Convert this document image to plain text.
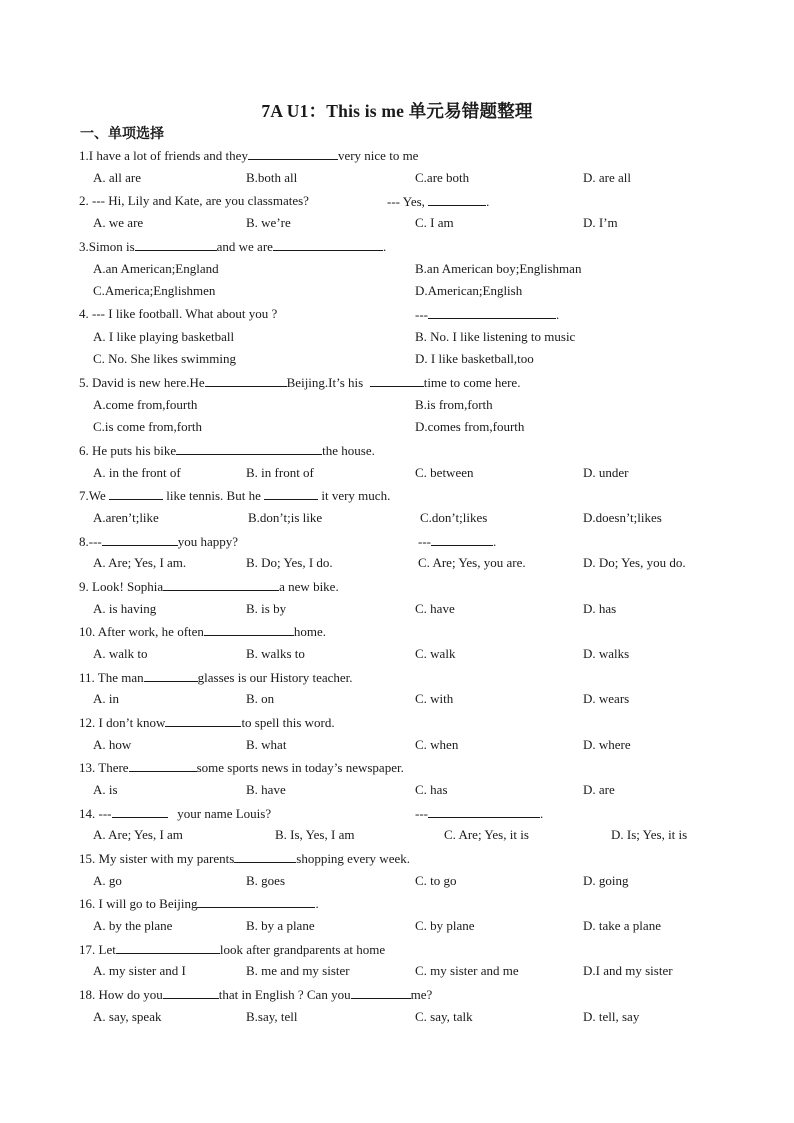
7A U1：This is me 单元易错题整理
一、单项选择
1.I have a lot of friends and they	very nice to me
A. all are	B.both all	C.are both	D. are all
2. --- Hi, Lily and Kate, are you classmates?	--- Yes,	.
A. we are	B. we’re	C. I am	D. I’m
3.Simon is	and we are	.
A.an American;England	B.an American boy;Englishman
C.America;Englishmen	D.American;English
4. --- I like football. What about you ?	---	.
A. I like playing basketball	B. No. I like listening to music
C. No. She likes swimming	D. I like basketball,too
5. David is new here.He	Beijing.It’s his	time to come here.
A.come from,fourth	B.is from,forth
C.is come from,forth	D.comes from,fourth
6. He puts his bike	the house.
A. in the front of	B. in front of	C. between	D. under
7.We	like tennis. But he	it very much.
A.aren’t;like	B.don’t;is like	C.don’t;likes	D.doesn’t;likes
8.---	you happy?	---	.
A. Are; Yes, I am.	B. Do; Yes, I do.	C. Are; Yes, you are.	D. Do; Yes, you do.
9. Look! Sophia	a new bike.
A. is having	B. is by	C. have	D. has
10. After work, he often	home.
A. walk to	B. walks to	C. walk	D. walks
11. The man	glasses is our History teacher.
A. in	B. on	C. with	D. wears
12. I don’t know	to spell this word.
A. how	B. what	C. when	D. where
13. There	some sports news in today’s newspaper.
A. is	B. have	C. has	D. are
14. ---	your name Louis?	---	.
A. Are; Yes, I am	B. Is, Yes, I am	C. Are; Yes, it is	D. Is; Yes, it is
15. My sister with my parents	shopping every week.
A. go	B. goes	C. to go	D. going
16. I will go to Beijing	.
A. by the plane	B. by a plane	C. by plane	D. take a plane
17. Let	look after grandparents at home
A. my sister and I	B. me and my sister	C. my sister and me	D.I and my sister
18. How do you	that in English ? Can you	me?
A. say, speak	B.say, tell	C. say, talk	D. tell, say
